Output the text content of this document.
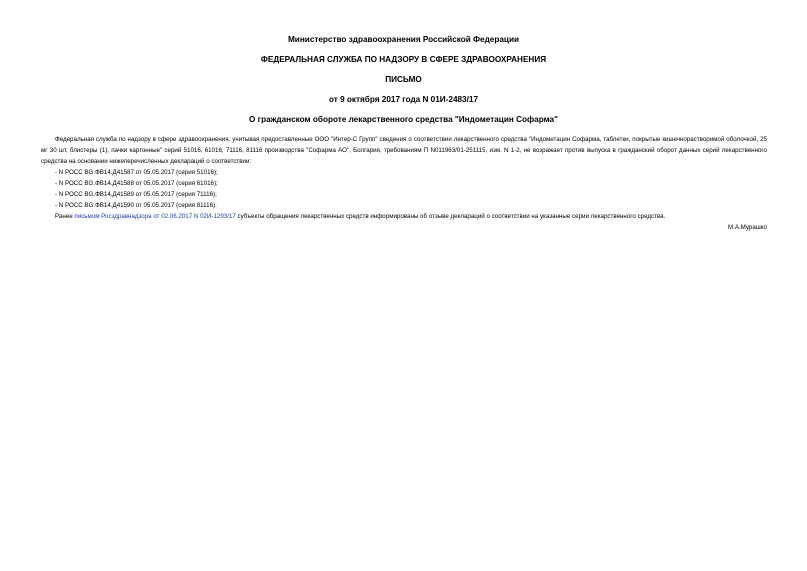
Министерство здравоохранения Российской Федерации
ФЕДЕРАЛЬНАЯ СЛУЖБА ПО НАДЗОРУ В СФЕРЕ ЗДРАВООХРАНЕНИЯ
ПИСЬМО
от 9 октября 2017 года N 01И-2483/17
О гражданском обороте лекарственного средства "Индометацин Софарма"

Федеральная служба по надзору в сфере здравоохранения, учитывая предоставленные ООО "Интер-С Групп" сведения о соответствии лекарственного средства "Индометацин Софарма, таблетки, покрытые кишечнорастворимой оболочкой, 25 мг 30 шт, блистеры (1), пачки картонные" серий 51016, 61016, 71116, 81116 производства "Софарма АО", Болгария, требованиям П N011963/01-251115, изм. N 1-2, не возражает против выпуска в гражданский оборот данных серий лекарственного средства на основании нижеперечисленных деклараций о соответствии:

- N РОСС BG.ФВ14.Д41587 от 05.05.2017 (серия 51016);
- N РОСС BG.ФВ14.Д41588 от 05.05.2017 (серия 61016);
- N РОСС BG.ФВ14.Д41589 от 05.05.2017 (серия 71116);
- N РОСС BG.ФВ14.Д41590 от 05.05.2017 (серия 81116).

Ранее письмом Росздравнадзора от 02.06.2017 N 02И-1293/17 субъекты обращения лекарственных средств информированы об отзыве деклараций о соответствии на указанные серии лекарственного средства.

М.А.Мурашко
